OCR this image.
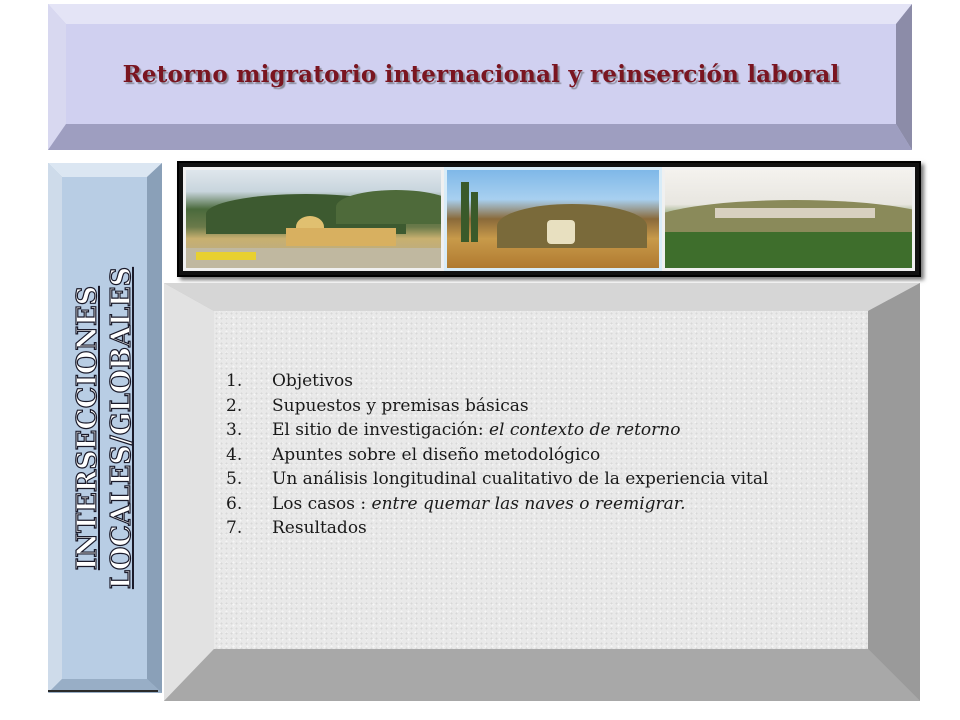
Retorno migratorio internacional y reinserción laboral
INTERSECCIONES LOCALES/GLOBALES	1.	Objetivos
2.	Supuestos y premisas básicas
3.	El sitio de investigación: el contexto de retorno
4.	Apuntes sobre el diseño metodológico
5.	Un análisis longitudinal cualitativo de la experiencia vital
6.	Los casos : entre quemar las naves o reemigrar.
7.	Resultados
